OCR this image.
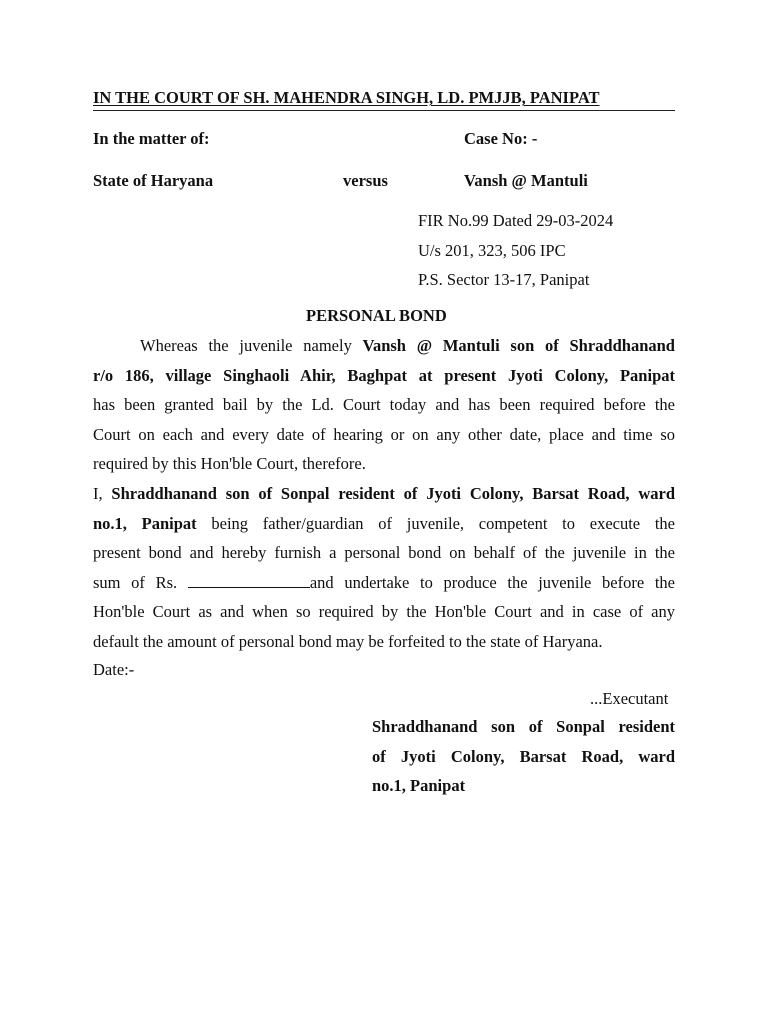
IN THE COURT OF SH. MAHENDRA SINGH, LD. PMJJB, PANIPAT
In the matter of:	Case No: -
State of Haryana	versus	Vansh @ Mantuli
FIR No.99 Dated 29-03-2024
U/s 201, 323, 506 IPC
P.S. Sector 13-17, Panipat
PERSONAL BOND
Whereas the juvenile namely Vansh @ Mantuli son of Shraddhanand
r/o 186, village Singhaoli Ahir, Baghpat at present Jyoti Colony, Panipat
has been granted bail by the Ld. Court today and has been required before the
Court on each and every date of hearing or on any other date, place and time so
required by this Hon'ble Court, therefore.
I, Shraddhanand son of Sonpal resident of Jyoti Colony, Barsat Road, ward
no.1, Panipat being father/guardian of juvenile, competent to execute the
present bond and hereby furnish a personal bond on behalf of the juvenile in the
sum of Rs.	and undertake to produce the juvenile before the
Hon'ble Court as and when so required by the Hon'ble Court and in case of any
default the amount of personal bond may be forfeited to the state of Haryana.
Date:-
...Executant
Shraddhanand son of Sonpal resident
of Jyoti Colony, Barsat Road, ward
no.1, Panipat
